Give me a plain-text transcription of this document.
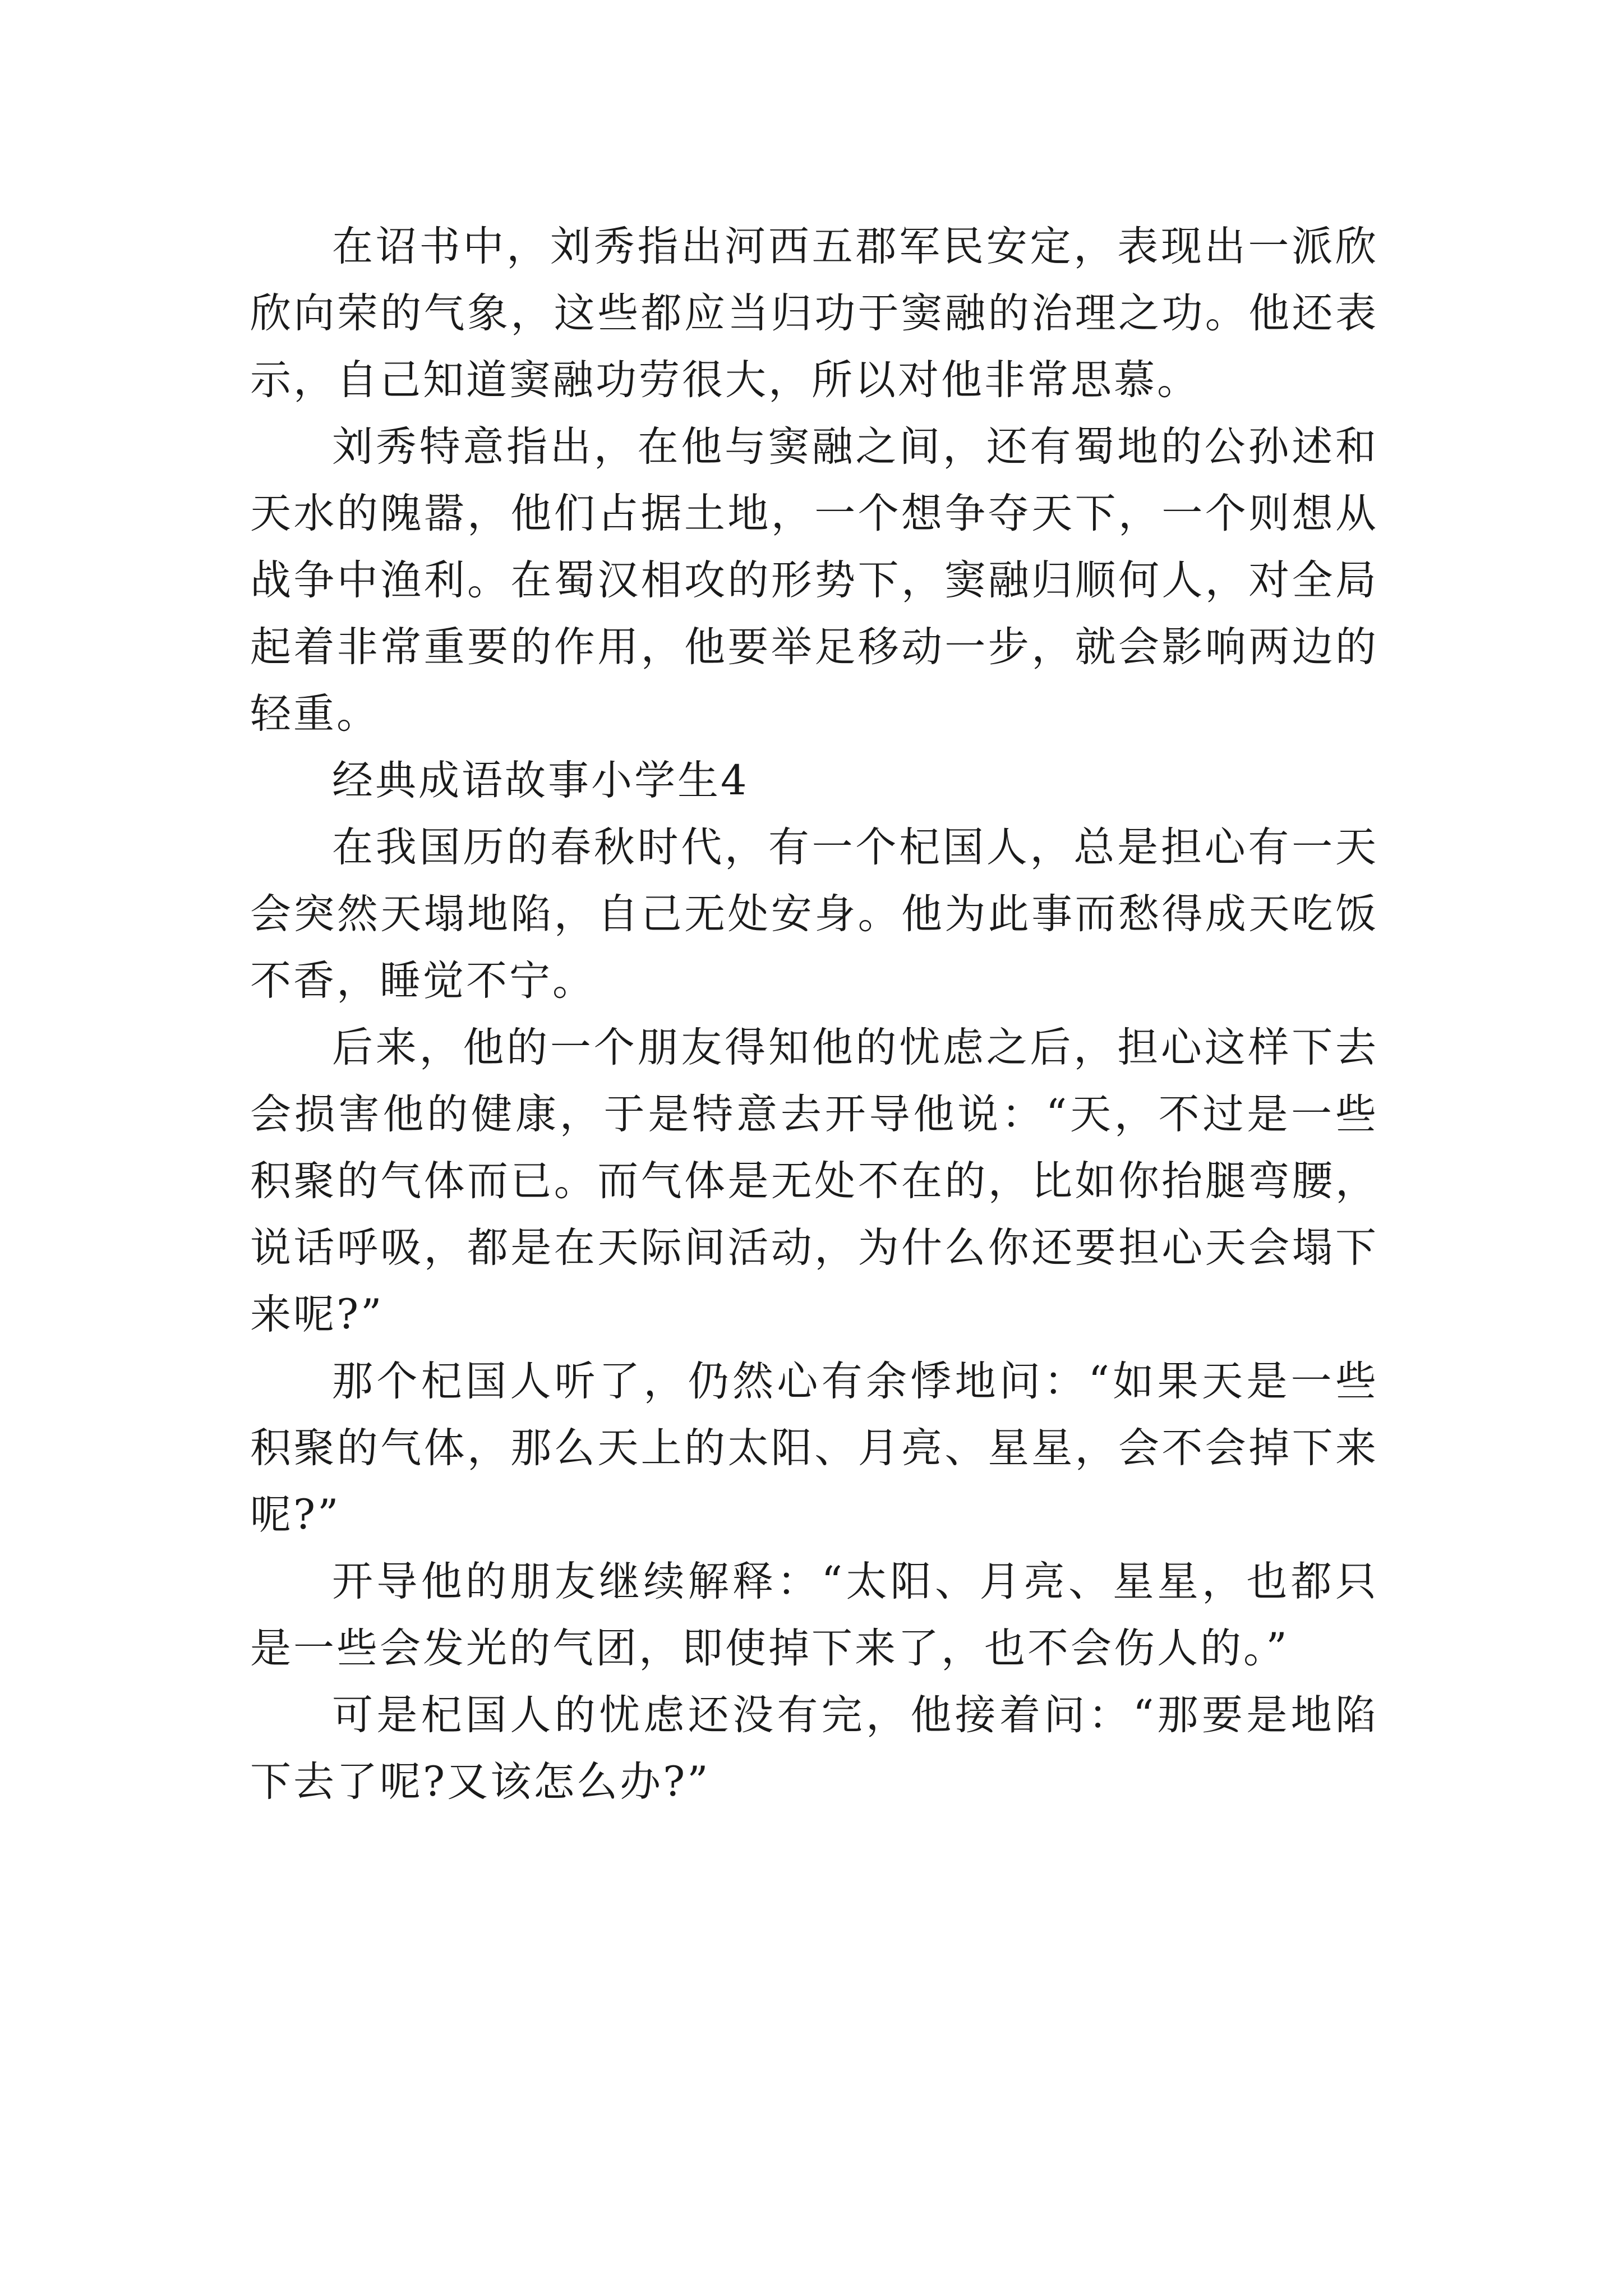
在诏书中，刘秀指出河西五郡军民安定，表现出一派欣欣向荣的气象，这些都应当归功于窦融的治理之功。他还表示，自己知道窦融功劳很大，所以对他非常思慕。

刘秀特意指出，在他与窦融之间，还有蜀地的公孙述和天水的隗嚣，他们占据土地，一个想争夺天下，一个则想从战争中渔利。在蜀汉相攻的形势下，窦融归顺何人，对全局起着非常重要的作用，他要举足移动一步，就会影响两边的轻重。

经典成语故事小学生4

在我国历的春秋时代，有一个杞国人，总是担心有一天会突然天塌地陷，自己无处安身。他为此事而愁得成天吃饭不香，睡觉不宁。

后来，他的一个朋友得知他的忧虑之后，担心这样下去会损害他的健康，于是特意去开导他说：“天，不过是一些积聚的气体而已。而气体是无处不在的，比如你抬腿弯腰，说话呼吸，都是在天际间活动，为什么你还要担心天会塌下来呢?”

那个杞国人听了，仍然心有余悸地问：“如果天是一些积聚的气体，那么天上的太阳、月亮、星星，会不会掉下来呢?”

开导他的朋友继续解释：“太阳、月亮、星星，也都只是一些会发光的气团，即使掉下来了，也不会伤人的。”

可是杞国人的忧虑还没有完，他接着问：“那要是地陷下去了呢?又该怎么办?”
